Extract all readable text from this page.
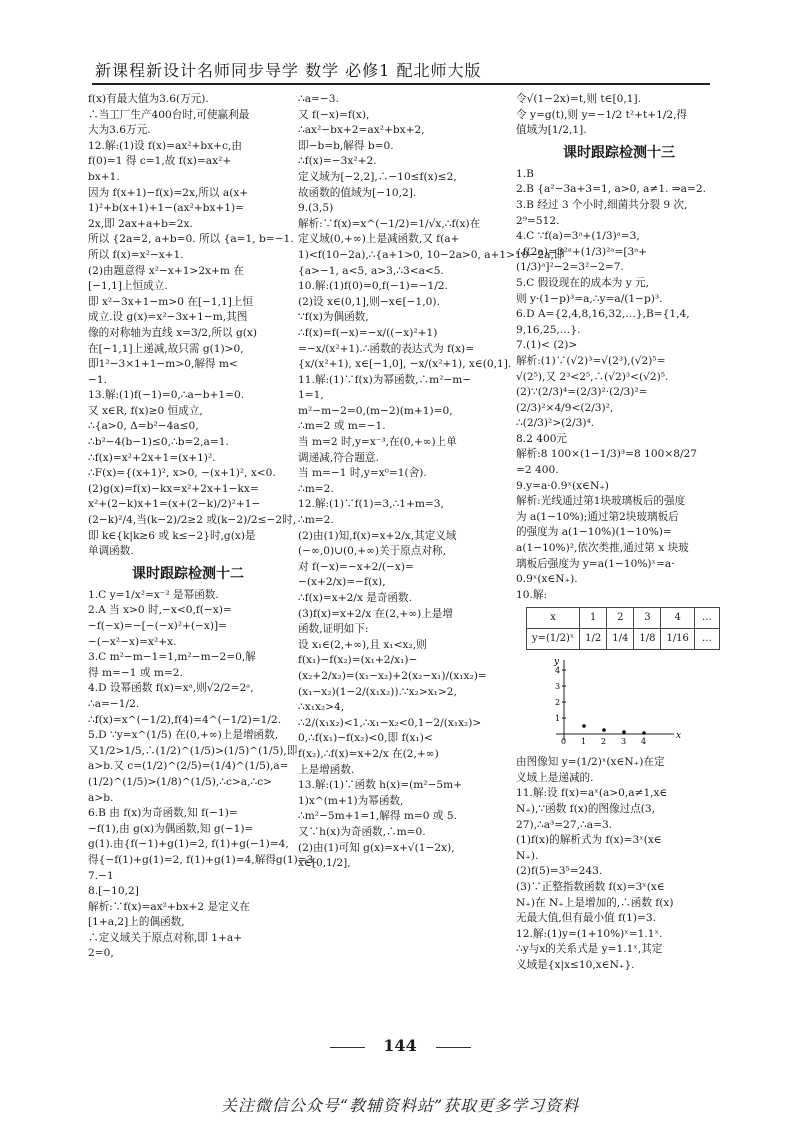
新课程新设计名师同步导学 数学 必修1 配北师大版
f(x)有最大值为3.6(万元).
∴当工厂生产400台时,可使赢利最
大为3.6万元.
12.解:(1)设 f(x)=ax²+bx+c,由
f(0)=1 得 c=1,故 f(x)=ax²+
bx+1.
因为 f(x+1)−f(x)=2x,所以 a(x+
1)²+b(x+1)+1−(ax²+bx+1)=
2x,即 2ax+a+b=2x.
所以 {2a=2, a+b=0. 所以 {a=1, b=−1.
所以 f(x)=x²−x+1.
(2)由题意得 x²−x+1>2x+m 在
[−1,1]上恒成立.
即 x²−3x+1−m>0 在[−1,1]上恒
成立.设 g(x)=x²−3x+1−m,其图
像的对称轴为直线 x=3/2,所以 g(x)
在[−1,1]上递减,故只需 g(1)>0,
即1²−3×1+1−m>0,解得 m<
−1.
13.解:(1)f(−1)=0,∴a−b+1=0.
又 x∈R, f(x)≥0 恒成立,
∴{a>0, Δ=b²−4a≤0,
∴b²−4(b−1)≤0,∴b=2,a=1.
∴f(x)=x²+2x+1=(x+1)².
∴F(x)={(x+1)², x>0, −(x+1)², x<0.
(2)g(x)=f(x)−kx=x²+2x+1−kx=
x²+(2−k)x+1=(x+(2−k)/2)²+1−
(2−k)²/4,当(k−2)/2≥2 或(k−2)/2≤−2时,
即 k∈{k|k≥6 或 k≤−2}时,g(x)是
单调函数.
课时跟踪检测十二
1.C y=1/x²=x⁻² 是幂函数.
2.A 当 x>0 时,−x<0,f(−x)=
−f(−x)=−[−(−x)²+(−x)]=
−(−x²−x)=x²+x.
3.C m²−m−1=1,m²−m−2=0,解
得 m=−1 或 m=2.
4.D 设幂函数 f(x)=xᵃ,则√2/2=2ᵃ,
∴a=−1/2.
∴f(x)=x^(−1/2),f(4)=4^(−1/2)=1/2.
5.D ∵y=x^(1/5) 在(0,+∞)上是增函数,
又1/2>1/5,∴(1/2)^(1/5)>(1/5)^(1/5),即
a>b.又 c=(1/2)^(2/5)=(1/4)^(1/5),a=
(1/2)^(1/5)>(1/8)^(1/5),∴c>a,∴c>
a>b.
6.B 由 f(x)为奇函数,知 f(−1)=
−f(1),由 g(x)为偶函数,知 g(−1)=
g(1).由{f(−1)+g(1)=2, f(1)+g(−1)=4,
得{−f(1)+g(1)=2, f(1)+g(1)=4,解得g(1)=3.
7.−1
8.[−10,2]
解析:∵f(x)=ax²+bx+2 是定义在
[1+a,2]上的偶函数,
∴定义域关于原点对称,即 1+a+
2=0,
∴a=−3.
又 f(−x)=f(x),
∴ax²−bx+2=ax²+bx+2,
即−b=b,解得 b=0.
∴f(x)=−3x²+2.
定义域为[−2,2],∴−10≤f(x)≤2,
故函数的值域为[−10,2].
9.(3,5)
解析:∵f(x)=x^(−1/2)=1/√x,∴f(x)在
定义域(0,+∞)上是减函数,又 f(a+
1)<f(10−2a),∴{a+1>0, 10−2a>0, a+1>10−2a,即
{a>−1, a<5, a>3,∴3<a<5.
10.解:(1)f(0)=0,f(−1)=−1/2.
(2)设 x∈(0,1],则−x∈[−1,0).
∵f(x)为偶函数,
∴f(x)=f(−x)=−x/((−x)²+1)
=−x/(x²+1).∴函数的表达式为 f(x)=
{x/(x²+1), x∈[−1,0], −x/(x²+1), x∈(0,1].
11.解:(1)∵f(x)为幂函数,∴m²−m−
1=1,
m²−m−2=0,(m−2)(m+1)=0,
∴m=2 或 m=−1.
当 m=2 时,y=x⁻³,在(0,+∞)上单
调递减,符合题意.
当 m=−1 时,y=x⁰=1(舍).
∴m=2.
12.解:(1)∵f(1)=3,∴1+m=3,
∴m=2.
(2)由(1)知,f(x)=x+2/x,其定义域
(−∞,0)∪(0,+∞)关于原点对称,
对 f(−x)=−x+2/(−x)=
−(x+2/x)=−f(x),
∴f(x)=x+2/x 是奇函数.
(3)f(x)=x+2/x 在(2,+∞)上是增
函数,证明如下:
设 x₁∈(2,+∞),且 x₁<x₂,则
f(x₁)−f(x₂)=(x₁+2/x₁)−
(x₂+2/x₂)=(x₁−x₂)+2(x₂−x₁)/(x₁x₂)=
(x₁−x₂)(1−2/(x₁x₂)).∵x₂>x₁>2,
∴x₁x₂>4,
∴2/(x₁x₂)<1,∴x₁−x₂<0,1−2/(x₁x₂)>
0,∴f(x₁)−f(x₂)<0,即 f(x₁)<
f(x₂),∴f(x)=x+2/x 在(2,+∞)
上是增函数.
13.解:(1)∵函数 h(x)=(m²−5m+
1)x^(m+1)为幂函数,
∴m²−5m+1=1,解得 m=0 或 5.
又∵h(x)为奇函数,∴m=0.
(2)由(1)可知 g(x)=x+√(1−2x),
x∈[0,1/2],
令√(1−2x)=t,则 t∈[0,1].
令 y=g(t),则 y=−1/2 t²+t+1/2,得
值域为[1/2,1].
课时跟踪检测十三
1.B
2.B {a²−3a+3=1, a>0, a≠1. ⇒a=2.
3.B 经过 3 个小时,细菌共分裂 9 次,
2⁹=512.
4.C ∵f(a)=3ᵃ+(1/3)ᵃ=3,
∴f(2a)=3²ᵃ+(1/3)²ᵃ=[3ᵃ+
(1/3)ᵃ]²−2=3²−2=7.
5.C 假设现在的成本为 y 元,
则 y·(1−p)³=a,∴y=a/(1−p)³.
6.D A={2,4,8,16,32,…},B={1,4,
9,16,25,…}.
7.(1)< (2)>
解析:(1)∵(√2)³=√(2³),(√2)⁵=
√(2⁵),又 2³<2⁵,∴(√2)³<(√2)⁵.
(2)∵(2/3)⁴=(2/3)²·(2/3)²=
(2/3)²×4/9<(2/3)²,
∴(2/3)²>(2/3)⁴.
8.2 400元
解析:8 100×(1−1/3)³=8 100×8/27
=2 400.
9.y=a·0.9ˣ(x∈N₊)
解析:光线通过第1块玻璃板后的强度
为 a(1−10%);通过第2块玻璃板后
的强度为 a(1−10%)(1−10%)=
a(1−10%)²,依次类推,通过第 x 块玻
璃板后强度为 y=a(1−10%)ˣ=a·
0.9ˣ(x∈N₊).
10.解:
x	1	2	3	4	…
y=(1/2)ˣ	1/2	1/4	1/8	1/16	…
x
y
1
2
3
4
0 1 2 3 4
由图像知 y=(1/2)ˣ(x∈N₊)在定
义域上是递减的.
11.解:设 f(x)=aˣ(a>0,a≠1,x∈
N₊),∵函数 f(x)的图像过点(3,
27),∴a³=27,∴a=3.
(1)f(x)的解析式为 f(x)=3ˣ(x∈
N₊).
(2)f(5)=3⁵=243.
(3)∵正整指数函数 f(x)=3ˣ(x∈
N₊)在 N₊上是增加的,∴函数 f(x)
无最大值,但有最小值 f(1)=3.
12.解:(1)y=(1+10%)ˣ=1.1ˣ.
∴y与x的关系式是 y=1.1ˣ,其定
义域是{x|x≤10,x∈N₊}.
144
关注微信公众号“教辅资料站”获取更多学习资料
